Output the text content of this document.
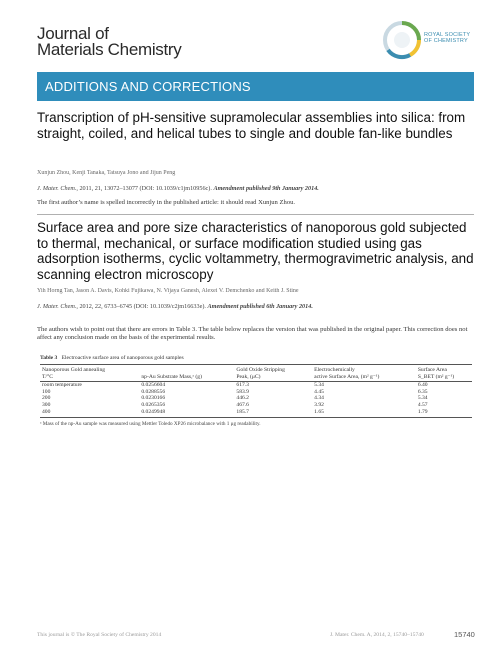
Journal of
Materials Chemistry
ROYAL SOCIETY OF CHEMISTRY
ADDITIONS AND CORRECTIONS
Transcription of pH-sensitive supramolecular assemblies into silica: from straight, coiled, and helical tubes to single and double fan-like bundles
Xunjun Zhou, Kenji Tanaka, Tatsuya Jono and Jijun Peng
J. Mater. Chem., 2011, 21, 13072–13077 (DOI: 10.1039/c1jm10956c). Amendment published 9th January 2014.
The first author’s name is spelled incorrectly in the published article: it should read Xunjun Zhou.
Surface area and pore size characteristics of nanoporous gold subjected to thermal, mechanical, or surface modification studied using gas adsorption isotherms, cyclic voltammetry, thermogravimetric analysis, and scanning electron microscopy
Yih Horng Tan, Jason A. Davis, Kohki Fujikawa, N. Vijaya Ganesh, Alexei V. Demchenko and Keith J. Stine
J. Mater. Chem., 2012, 22, 6733–6745 (DOI: 10.1039/c2jm16633e). Amendment published 6th January 2014.
The authors wish to point out that there are errors in Table 3. The table below replaces the version that was published in the original paper. This correction does not affect any conclusion made on the basis of the experimental results.
Table 3 Electroactive surface area of nanoporous gold samples
Nanoporous Gold annealing		Gold Oxide Stripping	Electrochemically	Surface Area
T/°C	np-Au Substrate Mass,ᵃ (g)	Peak, (μC)	active Surface Area, (m² g⁻¹)	S_BET (m² g⁻¹)
room temperature	0.0256604	617.3	5.34	6.40
100	0.0288556	583.9	4.45	6.35
200	0.0230166	446.2	4.34	5.34
300	0.0265356	467.6	3.92	4.57
400	0.0249948	185.7	1.65	1.79
ᵃ Mass of the np-Au sample was measured using Mettler Toledo XP26 microbalance with 1 μg readability.
This journal is © The Royal Society of Chemistry 2014	J. Mater. Chem. A, 2014, 2, 15740–15740	15740
